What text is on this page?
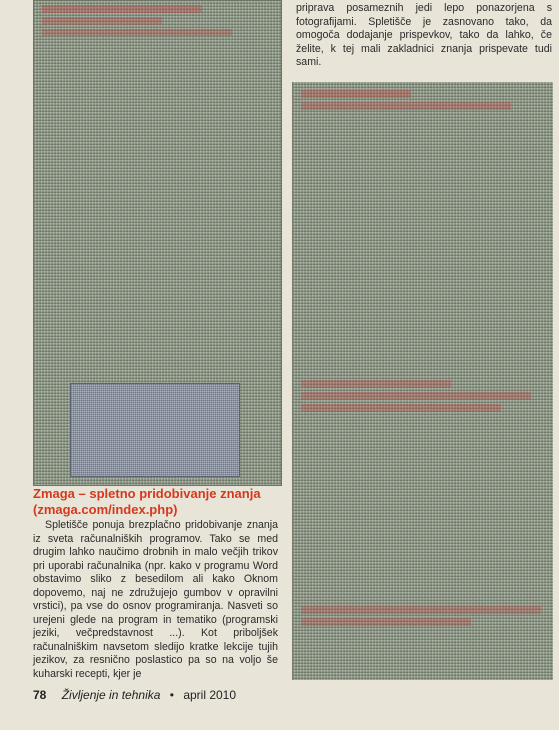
priprava posameznih jedi lepo ponazorjena s fotografijami. Spletišče je zasnovano tako, da omogoča dodajanje prispevkov, tako da lahko, če želite, k tej mali zakladnici znanja prispevate tudi sami.

Zmaga – spletno pridobivanje znanja (zmaga.com/index.php)

Spletišče ponuja brezplačno pridobivanje znanja iz sveta računalniških programov. Tako se med drugim lahko naučimo drobnih in malo večjih trikov pri uporabi računalnika (npr. kako v programu Word obstavimo sliko z besedilom ali kako Oknom dopovemo, naj ne združujejo gumbov v opravilni vrstici), pa vse do osnov programiranja. Nasveti so urejeni glede na program in tematiko (programski jeziki, večpredstavnost ...). Kot priboljšek računalniškim navsetom sledijo kratke lekcije tujih jezikov, za resnično poslastico pa so na voljo še kuharski recepti, kjer je

78 Življenje in tehnika • april 2010
